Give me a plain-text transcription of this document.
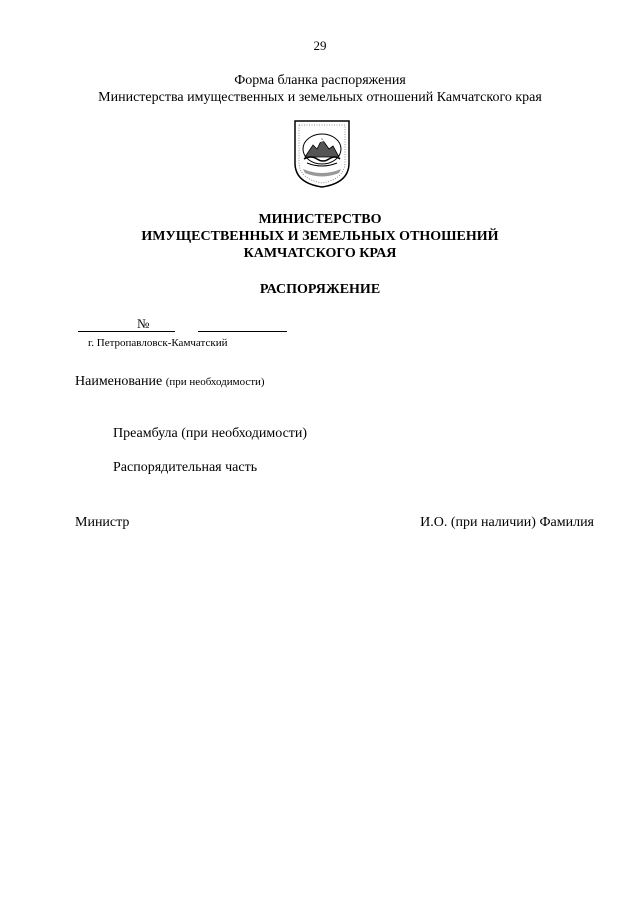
29
Форма бланка распоряжения
Министерства имущественных и земельных отношений Камчатского края
МИНИСТЕРСТВО
ИМУЩЕСТВЕННЫХ И ЗЕМЕЛЬНЫХ ОТНОШЕНИЙ
КАМЧАТСКОГО КРАЯ
РАСПОРЯЖЕНИЕ
№
г. Петропавловск-Камчатский
Наименование (при необходимости)
Преамбула (при необходимости)
Распорядительная часть
Министр	И.О. (при наличии) Фамилия
